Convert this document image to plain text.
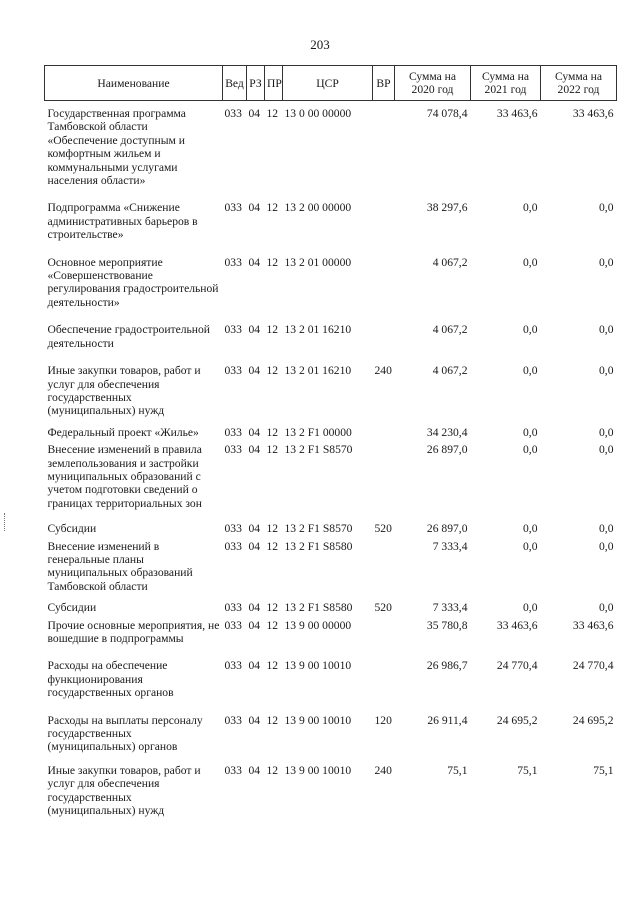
203
Наименование	Вед	РЗ	ПР	ЦСР	ВР	Сумма на 2020 год	Сумма на 2021 год	Сумма на 2022 год
Государственная программа Тамбовской области «Обеспечение доступным и комфортным жильем и коммунальными услугами населения области»	033	04	12	13 0 00 00000		74 078,4	33 463,6	33 463,6
Подпрограмма «Снижение административных барьеров в строительстве»	033	04	12	13 2 00 00000		38 297,6	0,0	0,0
Основное мероприятие «Совершенствование регулирования градостроительной деятельности»	033	04	12	13 2 01 00000		4 067,2	0,0	0,0
Обеспечение градостроительной деятельности	033	04	12	13 2 01 16210		4 067,2	0,0	0,0
Иные закупки товаров, работ и услуг для обеспечения государственных (муниципальных) нужд	033	04	12	13 2 01 16210	240	4 067,2	0,0	0,0
Федеральный проект «Жилье»	033	04	12	13 2 F1 00000		34 230,4	0,0	0,0
Внесение изменений в правила землепользования и застройки муниципальных образований с учетом подготовки сведений о границах территориальных зон	033	04	12	13 2 F1 S8570		26 897,0	0,0	0,0
Субсидии	033	04	12	13 2 F1 S8570	520	26 897,0	0,0	0,0
Внесение изменений в генеральные планы муниципальных образований Тамбовской области	033	04	12	13 2 F1 S8580		7 333,4	0,0	0,0
Субсидии	033	04	12	13 2 F1 S8580	520	7 333,4	0,0	0,0
Прочие основные мероприятия, не вошедшие в подпрограммы	033	04	12	13 9 00 00000		35 780,8	33 463,6	33 463,6
Расходы на обеспечение функционирования государственных органов	033	04	12	13 9 00 10010		26 986,7	24 770,4	24 770,4
Расходы на выплаты персоналу государственных (муниципальных) органов	033	04	12	13 9 00 10010	120	26 911,4	24 695,2	24 695,2
Иные закупки товаров, работ и услуг для обеспечения государственных (муниципальных) нужд	033	04	12	13 9 00 10010	240	75,1	75,1	75,1
